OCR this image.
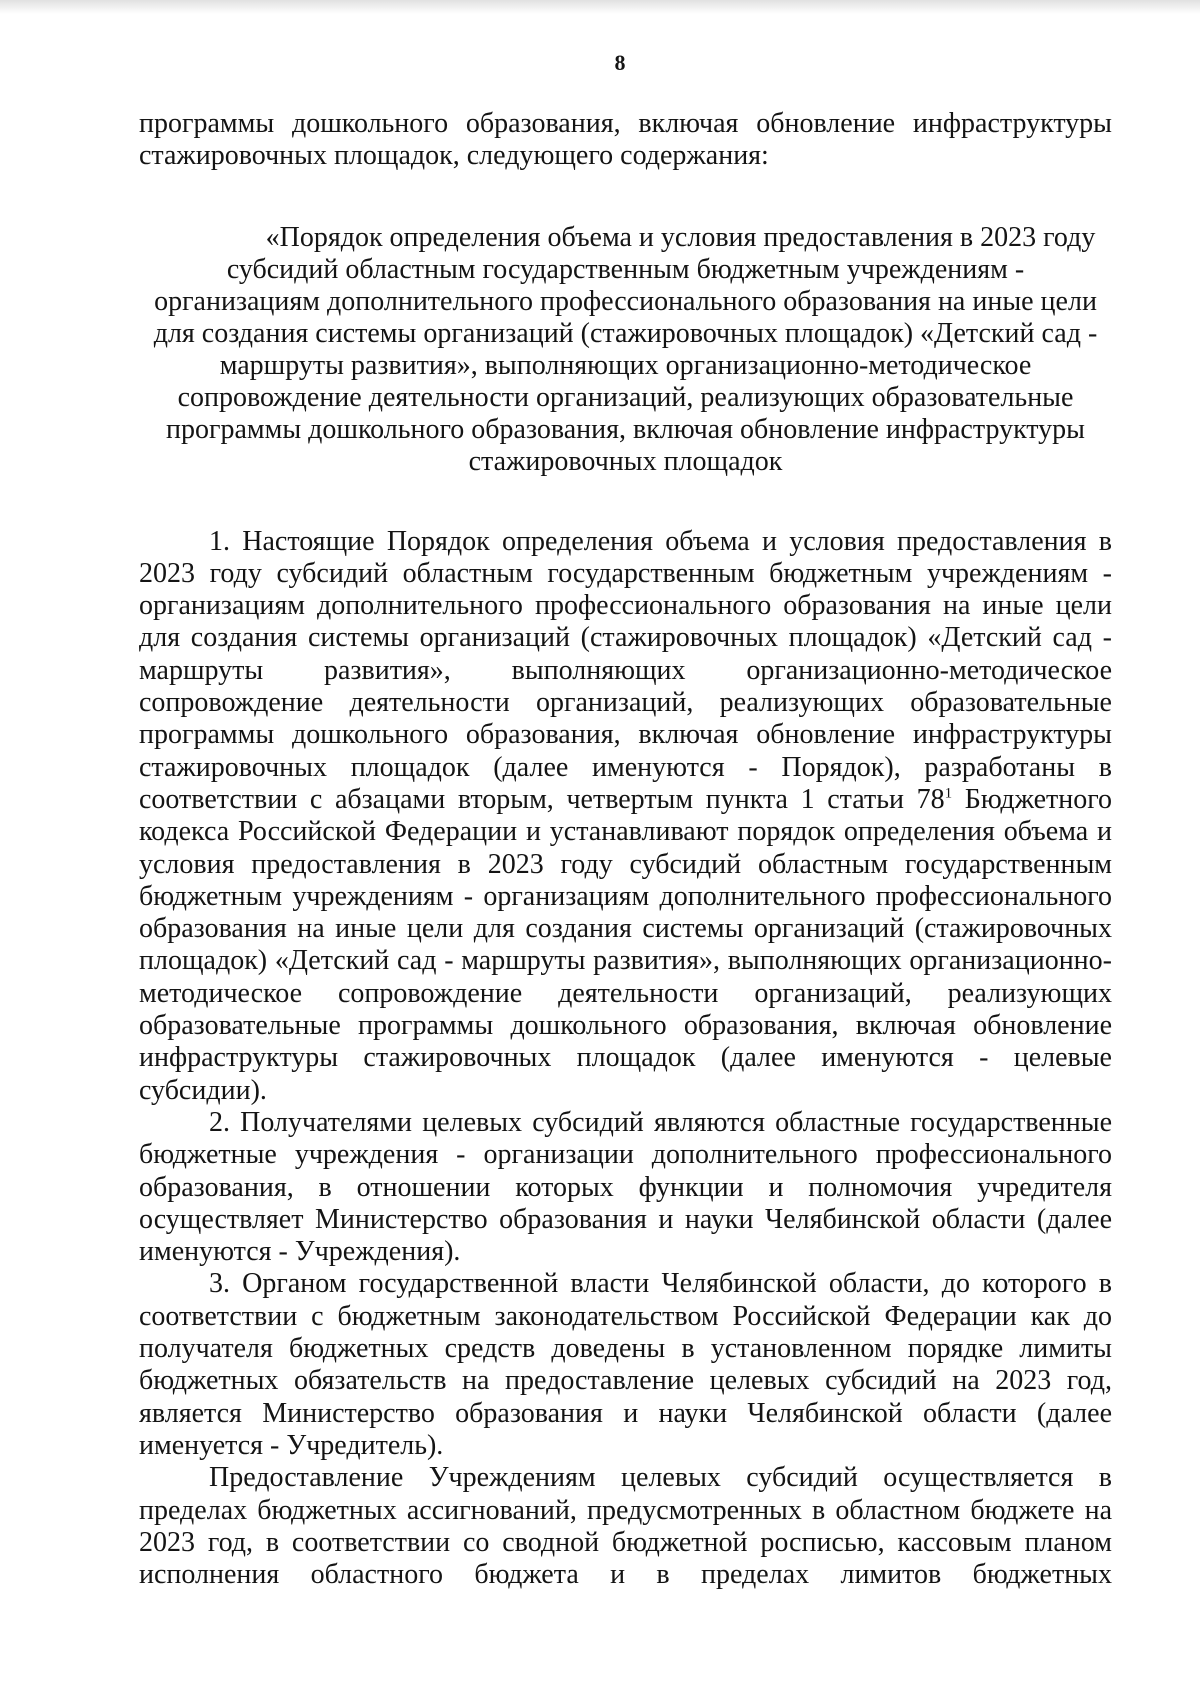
8

программы дошкольного образования, включая обновление инфраструктуры стажировочных площадок, следующего содержания:

«Порядок определения объема и условия предоставления в 2023 году
субсидий областным государственным бюджетным учреждениям -
организациям дополнительного профессионального образования на иные цели
для создания системы организаций (стажировочных площадок) «Детский сад -
маршруты развития», выполняющих организационно-методическое
сопровождение деятельности организаций, реализующих образовательные
программы дошкольного образования, включая обновление инфраструктуры
стажировочных площадок

1. Настоящие Порядок определения объема и условия предоставления в 2023 году субсидий областным государственным бюджетным учреждениям - организациям дополнительного профессионального образования на иные цели для создания системы организаций (стажировочных площадок) «Детский сад - маршруты развития», выполняющих организационно-методическое сопровождение деятельности организаций, реализующих образовательные программы дошкольного образования, включая обновление инфраструктуры стажировочных площадок (далее именуются - Порядок), разработаны в соответствии с абзацами вторым, четвертым пункта 1 статьи $78^1$ Бюджетного кодекса Российской Федерации и устанавливают порядок определения объема и условия предоставления в 2023 году субсидий областным государственным бюджетным учреждениям - организациям дополнительного профессионального образования на иные цели для создания системы организаций (стажировочных площадок) «Детский сад - маршруты развития», выполняющих организационно-методическое сопровождение деятельности организаций, реализующих образовательные программы дошкольного образования, включая обновление инфраструктуры стажировочных площадок (далее именуются - целевые субсидии).

2. Получателями целевых субсидий являются областные государственные бюджетные учреждения - организации дополнительного профессионального образования, в отношении которых функции и полномочия учредителя осуществляет Министерство образования и науки Челябинской области (далее именуются - Учреждения).

3. Органом государственной власти Челябинской области, до которого в соответствии с бюджетным законодательством Российской Федерации как до получателя бюджетных средств доведены в установленном порядке лимиты бюджетных обязательств на предоставление целевых субсидий на 2023 год, является Министерство образования и науки Челябинской области (далее именуется - Учредитель).

Предоставление Учреждениям целевых субсидий осуществляется в пределах бюджетных ассигнований, предусмотренных в областном бюджете на 2023 год, в соответствии со сводной бюджетной росписью, кассовым планом исполнения областного бюджета и в пределах лимитов бюджетных
